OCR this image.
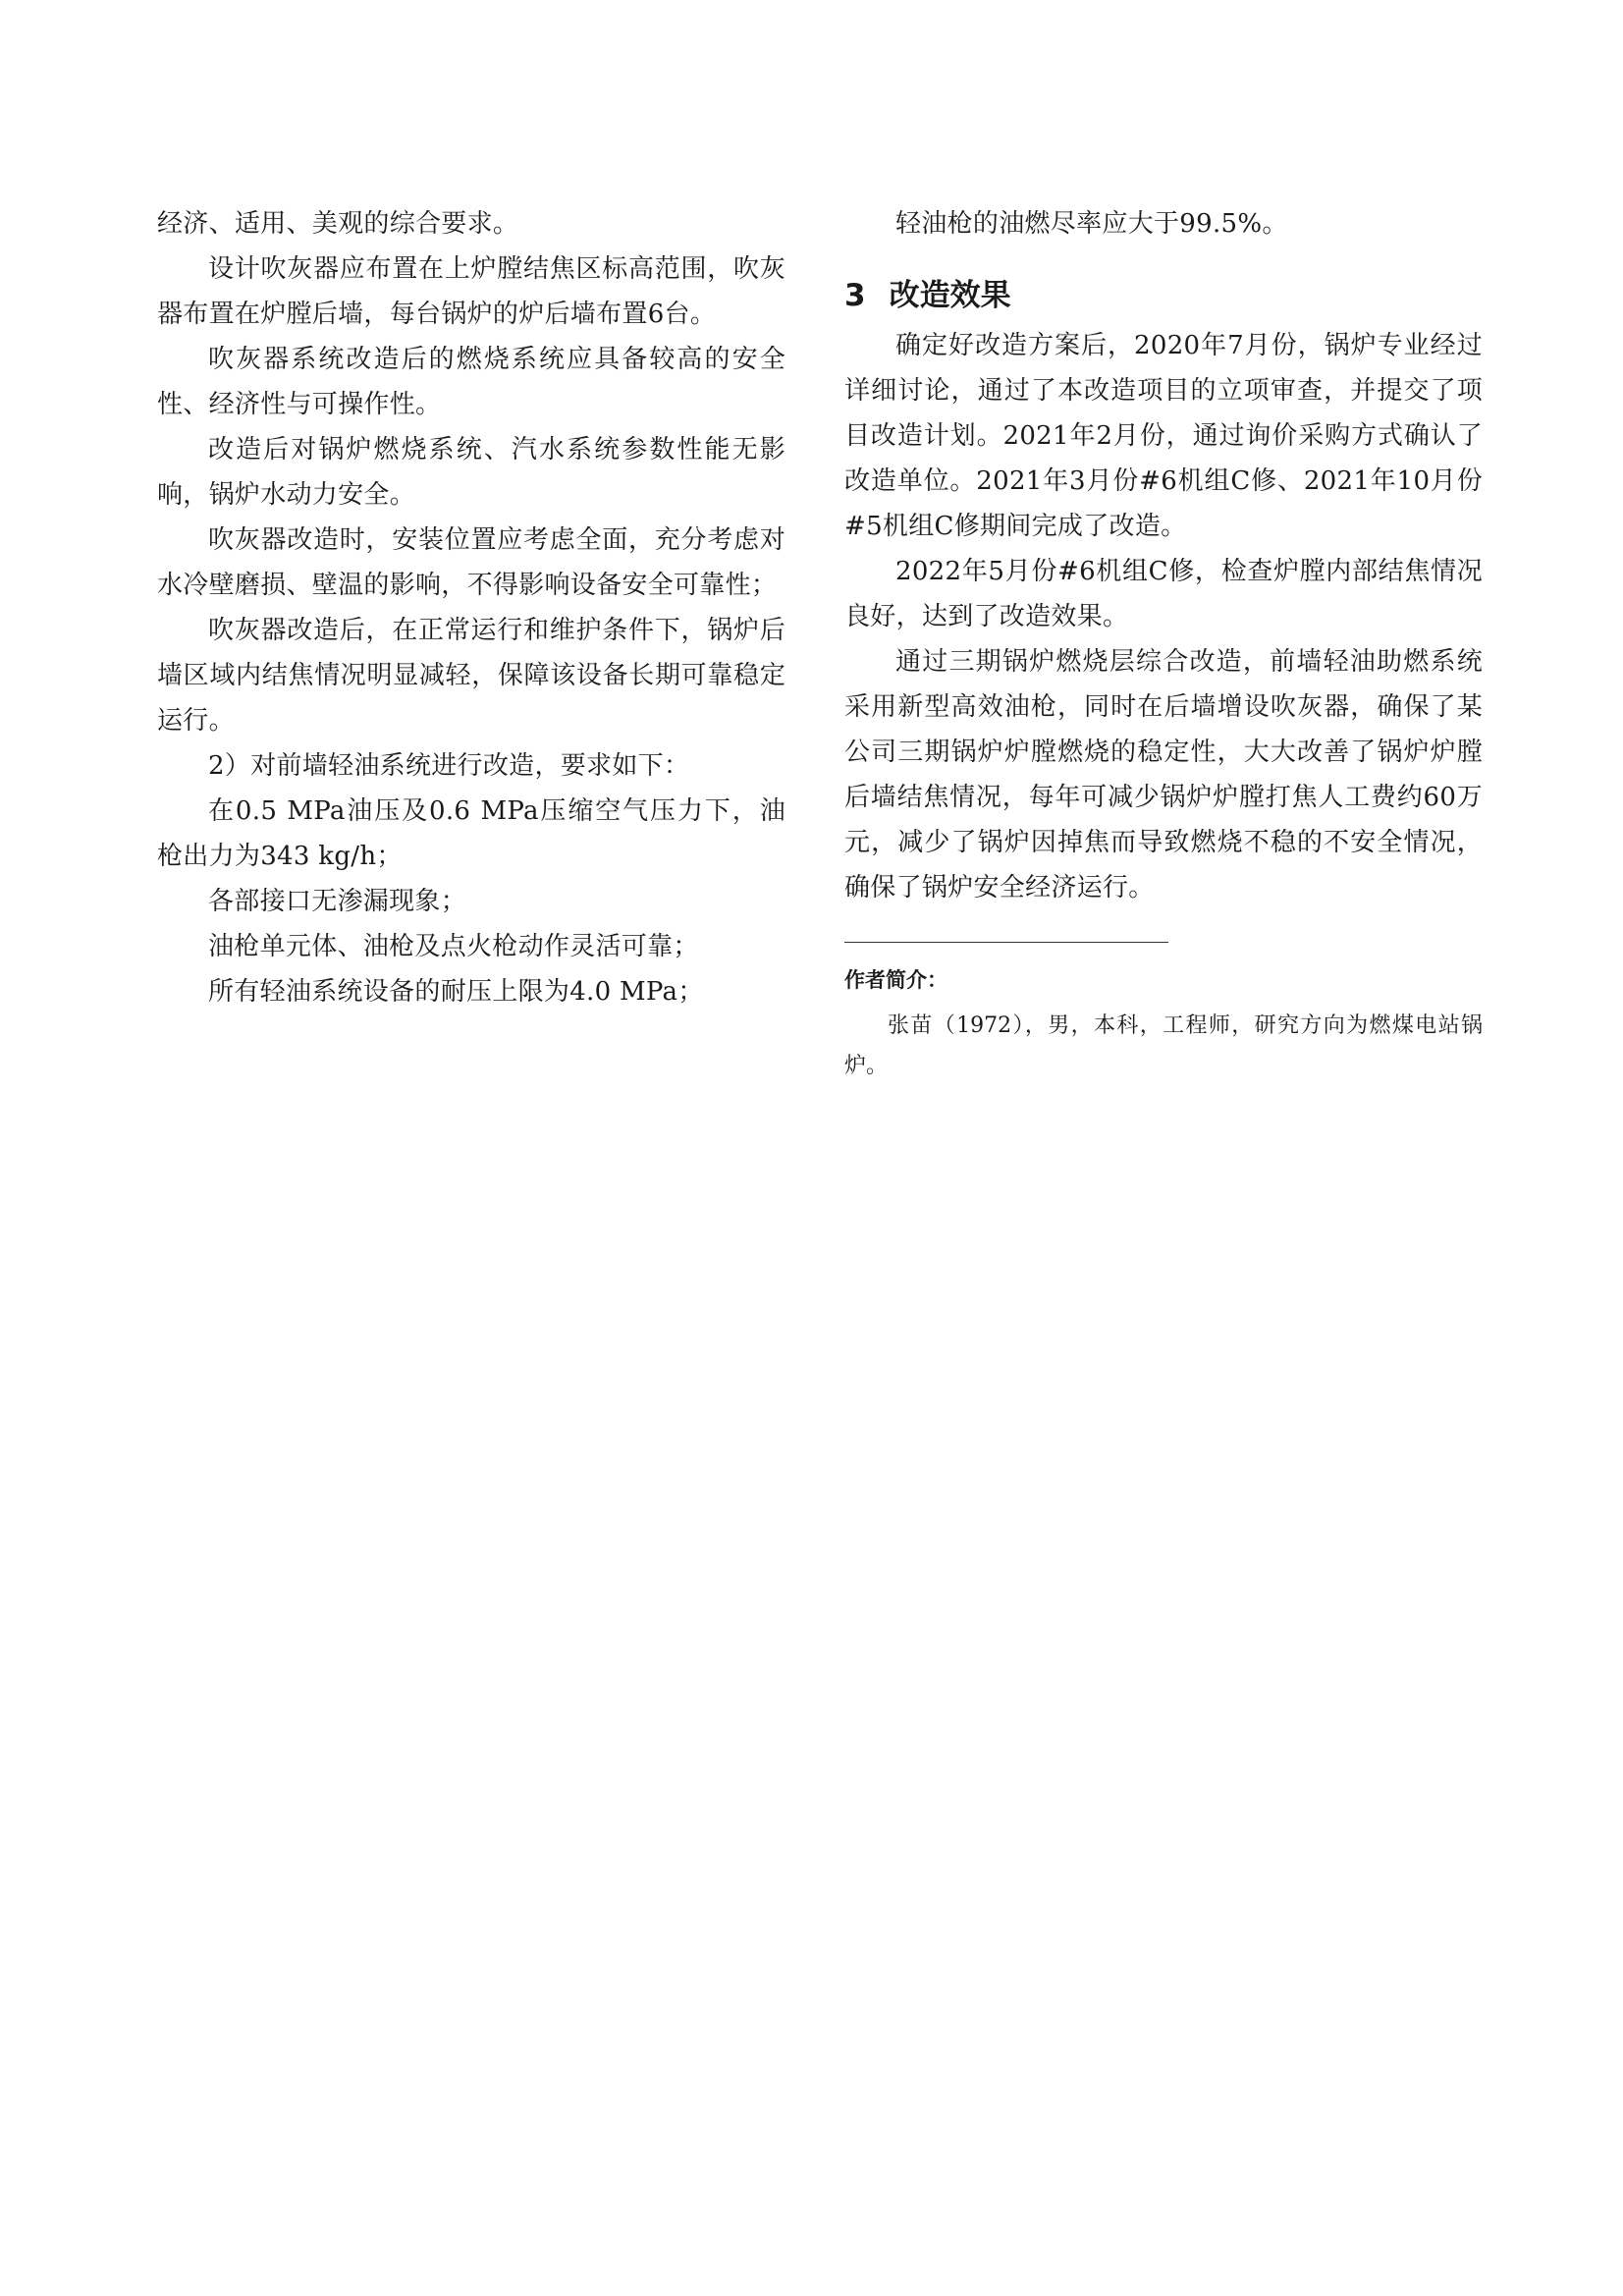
经济、适用、美观的综合要求。

设计吹灰器应布置在上炉膛结焦区标高范围，吹灰器布置在炉膛后墙，每台锅炉的炉后墙布置6台。

吹灰器系统改造后的燃烧系统应具备较高的安全性、经济性与可操作性。

改造后对锅炉燃烧系统、汽水系统参数性能无影响，锅炉水动力安全。

吹灰器改造时，安装位置应考虑全面，充分考虑对水冷壁磨损、壁温的影响，不得影响设备安全可靠性；

吹灰器改造后，在正常运行和维护条件下，锅炉后墙区域内结焦情况明显减轻，保障该设备长期可靠稳定运行。

2）对前墙轻油系统进行改造，要求如下：

在0.5 MPa油压及0.6 MPa压缩空气压力下，油枪出力为343 kg/h；

各部接口无渗漏现象；

油枪单元体、油枪及点火枪动作灵活可靠；

所有轻油系统设备的耐压上限为4.0 MPa；

轻油枪的油燃尽率应大于99.5%。

3 改造效果

确定好改造方案后，2020年7月份，锅炉专业经过详细讨论，通过了本改造项目的立项审查，并提交了项目改造计划。2021年2月份，通过询价采购方式确认了改造单位。2021年3月份#6机组C修、2021年10月份#5机组C修期间完成了改造。

2022年5月份#6机组C修，检查炉膛内部结焦情况良好，达到了改造效果。

通过三期锅炉燃烧层综合改造，前墙轻油助燃系统采用新型高效油枪，同时在后墙增设吹灰器，确保了某公司三期锅炉炉膛燃烧的稳定性，大大改善了锅炉炉膛后墙结焦情况，每年可减少锅炉炉膛打焦人工费约60万元，减少了锅炉因掉焦而导致燃烧不稳的不安全情况，确保了锅炉安全经济运行。

作者简介：

张苗（1972），男，本科，工程师，研究方向为燃煤电站锅炉。
